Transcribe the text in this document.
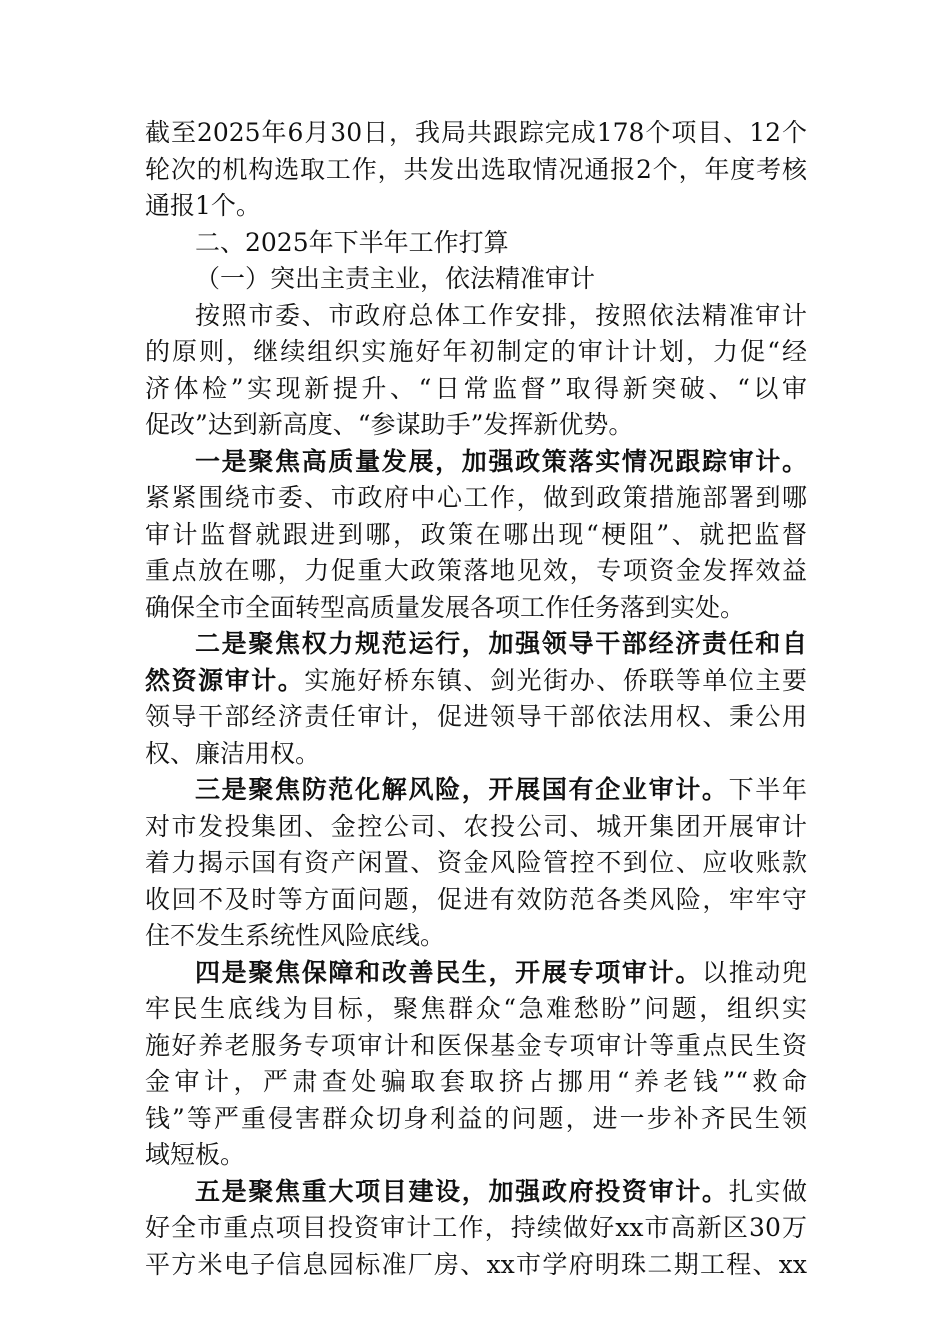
截至2025年6月30日，我局共跟踪完成178个项目、12个
轮次的机构选取工作，共发出选取情况通报2个，年度考核
通报1个。
二、2025年下半年工作打算
（一）突出主责主业，依法精准审计
按照市委、市政府总体工作安排，按照依法精准审计
的原则，继续组织实施好年初制定的审计计划，力促“经
济体检”实现新提升、“日常监督”取得新突破、“以审
促改”达到新高度、“参谋助手”发挥新优势。
一是聚焦高质量发展，加强政策落实情况跟踪审计。
紧紧围绕市委、市政府中心工作，做到政策措施部署到哪
审计监督就跟进到哪，政策在哪出现“梗阻”、就把监督
重点放在哪，力促重大政策落地见效，专项资金发挥效益
确保全市全面转型高质量发展各项工作任务落到实处。
二是聚焦权力规范运行，加强领导干部经济责任和自
然资源审计。实施好桥东镇、剑光街办、侨联等单位主要
领导干部经济责任审计，促进领导干部依法用权、秉公用
权、廉洁用权。
三是聚焦防范化解风险，开展国有企业审计。下半年
对市发投集团、金控公司、农投公司、城开集团开展审计
着力揭示国有资产闲置、资金风险管控不到位、应收账款
收回不及时等方面问题，促进有效防范各类风险，牢牢守
住不发生系统性风险底线。
四是聚焦保障和改善民生，开展专项审计。以推动兜
牢民生底线为目标，聚焦群众“急难愁盼”问题，组织实
施好养老服务专项审计和医保基金专项审计等重点民生资
金审计，严肃查处骗取套取挤占挪用“养老钱”“救命
钱”等严重侵害群众切身利益的问题，进一步补齐民生领
域短板。
五是聚焦重大项目建设，加强政府投资审计。扎实做
好全市重点项目投资审计工作，持续做好xx市高新区30万
平方米电子信息园标准厂房、xx市学府明珠二期工程、xx
